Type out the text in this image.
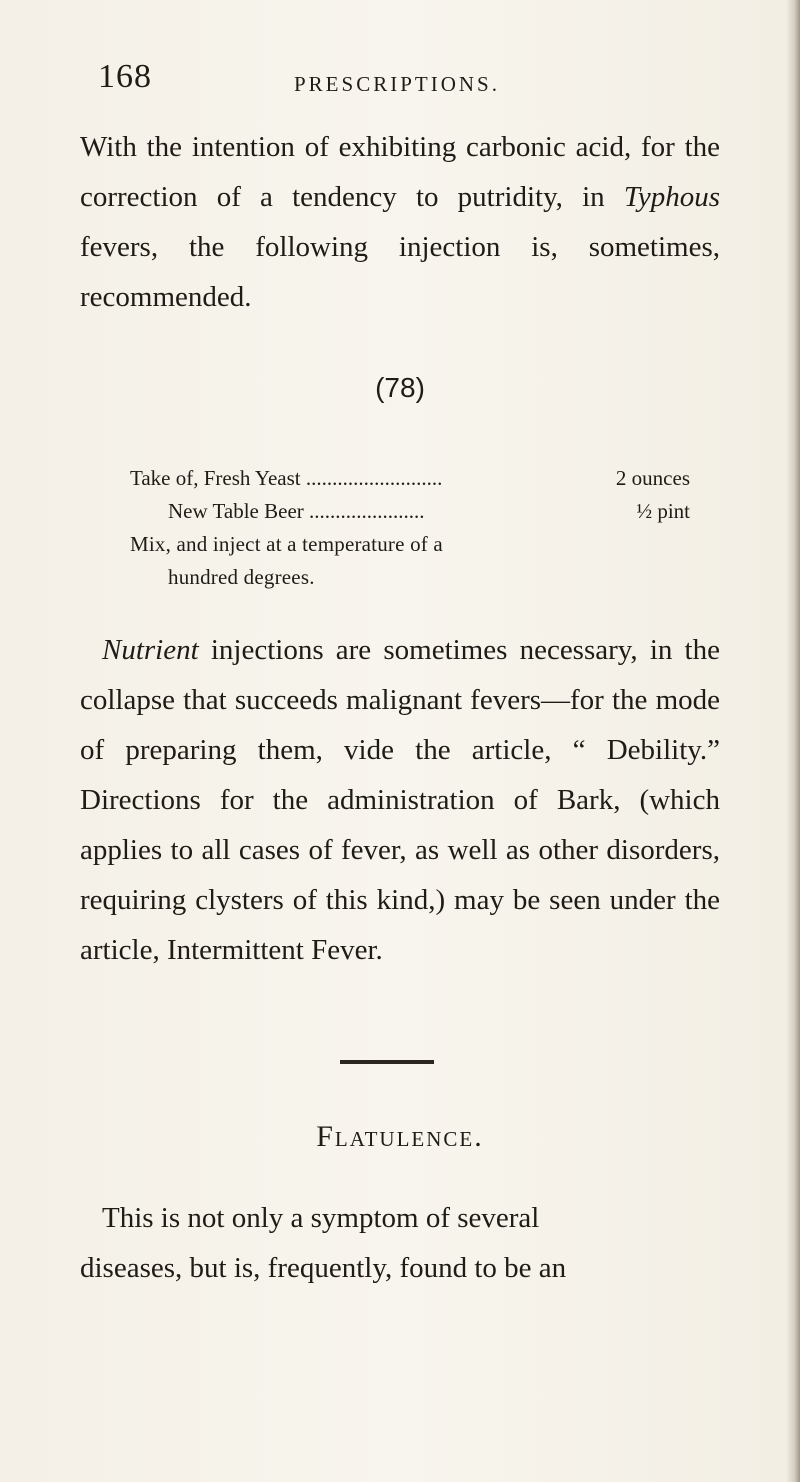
168	PRESCRIPTIONS.

With the intention of exhibiting carbonic acid, for the correction of a tendency to putridity, in Typhous fevers, the following injection is, sometimes, recommended.

(78)
Take of, Fresh Yeast ..........................	2 ounces
New Table Beer ......................	½ pint
Mix, and inject at a temperature of a
hundred degrees.

Nutrient injections are sometimes necessary, in the collapse that succeeds malignant fevers—for the mode of preparing them, vide the article, “ Debility.” Directions for the administration of Bark, (which applies to all cases of fever, as well as other disorders, requiring clysters of this kind,) may be seen under the article, Intermittent Fever.

Flatulence.
This is not only a symptom of several
diseases, but is, frequently, found to be an
